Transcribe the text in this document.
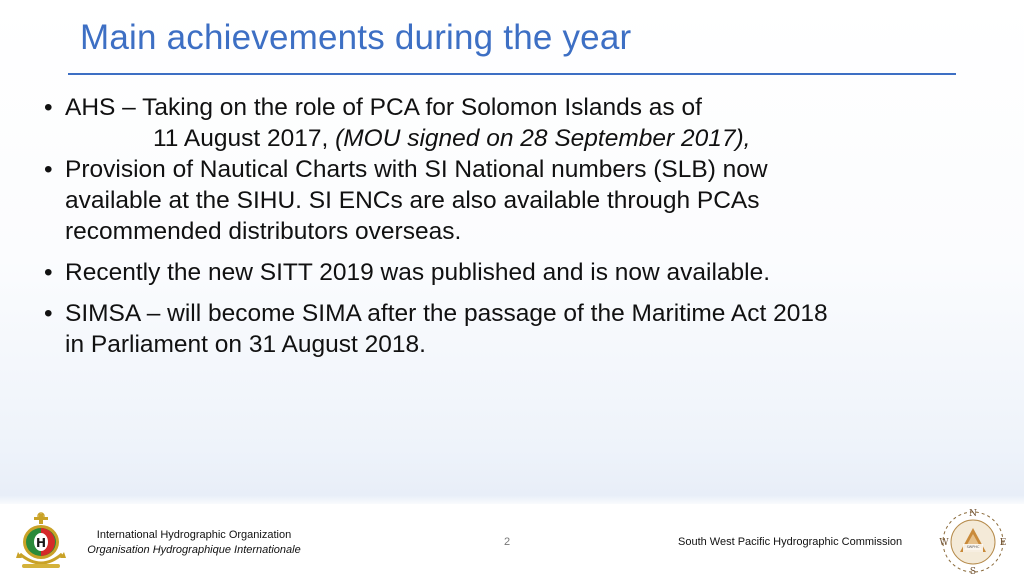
Main achievements during the year
• AHS – Taking on the role of PCA for Solomon Islands as of
11 August 2017, (MOU signed on 28 September 2017),
• Provision of Nautical Charts with SI National numbers (SLB) now
available at the SIHU. SI ENCs are also available through PCAs
recommended distributors overseas.
• Recently the new SITT 2019 was published and is now available.
• SIMSA – will become SIMA after the passage of the Maritime Act 2018
in Parliament on 31 August 2018.
H
International Hydrographic Organization
Organisation Hydrographique Internationale
2	South West Pacific Hydrographic Commission	SWPHC
N
S
W	E
